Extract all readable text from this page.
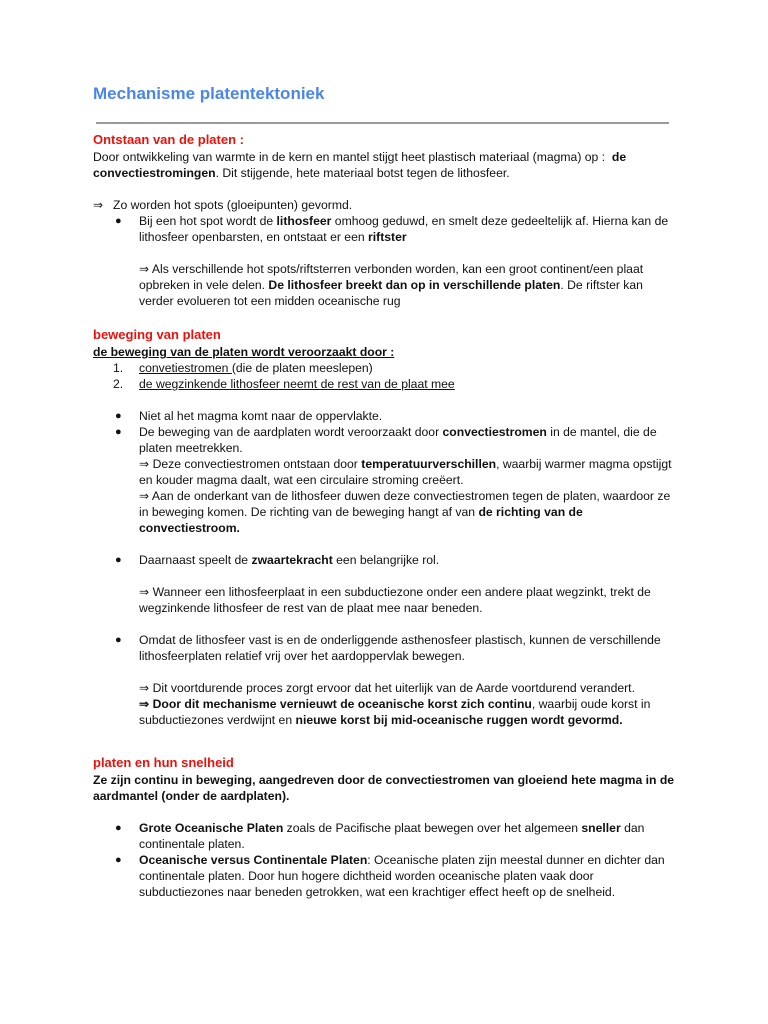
Mechanisme platentektoniek
Ontstaan van de platen :

Door ontwikkeling van warmte in de kern en mantel stijgt heet plastisch materiaal (magma) op : de convectiestromingen. Dit stijgende, hete materiaal botst tegen de lithosfeer.

⇒ Zo worden hot spots (gloeipunten) gevormd.
● Bij een hot spot wordt de lithosfeer omhoog geduwd, en smelt deze gedeeltelijk af. Hierna kan de lithosfeer openbarsten, en ontstaat er een riftster
⇒ Als verschillende hot spots/riftsterren verbonden worden, kan een groot continent/een plaat opbreken in vele delen. De lithosfeer breekt dan op in verschillende platen. De riftster kan verder evolueren tot een midden oceanische rug
beweging van platen

de beweging van de platen wordt veroorzaakt door :

1. convetiestromen (die de platen meeslepen)
2. de wegzinkende lithosfeer neemt de rest van de plaat mee
● Niet al het magma komt naar de oppervlakte.
● De beweging van de aardplaten wordt veroorzaakt door convectiestromen in de mantel, die de platen meetrekken.
⇒ Deze convectiestromen ontstaan door temperatuurverschillen, waarbij warmer magma opstijgt en kouder magma daalt, wat een circulaire stroming creëert.
⇒ Aan de onderkant van de lithosfeer duwen deze convectiestromen tegen de platen, waardoor ze in beweging komen. De richting van de beweging hangt af van de richting van de convectiestroom.
● Daarnaast speelt de zwaartekracht een belangrijke rol.
⇒ Wanneer een lithosfeerplaat in een subductiezone onder een andere plaat wegzinkt, trekt de wegzinkende lithosfeer de rest van de plaat mee naar beneden.
● Omdat de lithosfeer vast is en de onderliggende asthenosfeer plastisch, kunnen de verschillende lithosfeerplaten relatief vrij over het aardoppervlak bewegen.
⇒ Dit voortdurende proces zorgt ervoor dat het uiterlijk van de Aarde voortdurend verandert.
⇒ Door dit mechanisme vernieuwt de oceanische korst zich continu, waarbij oude korst in subductiezones verdwijnt en nieuwe korst bij mid-oceanische ruggen wordt gevormd.
platen en hun snelheid

Ze zijn continu in beweging, aangedreven door de convectiestromen van gloeiend hete magma in de aardmantel (onder de aardplaten).

● Grote Oceanische Platen zoals de Pacifische plaat bewegen over het algemeen sneller dan continentale platen.
● Oceanische versus Continentale Platen: Oceanische platen zijn meestal dunner en dichter dan continentale platen. Door hun hogere dichtheid worden oceanische platen vaak door subductiezones naar beneden getrokken, wat een krachtiger effect heeft op de snelheid.
